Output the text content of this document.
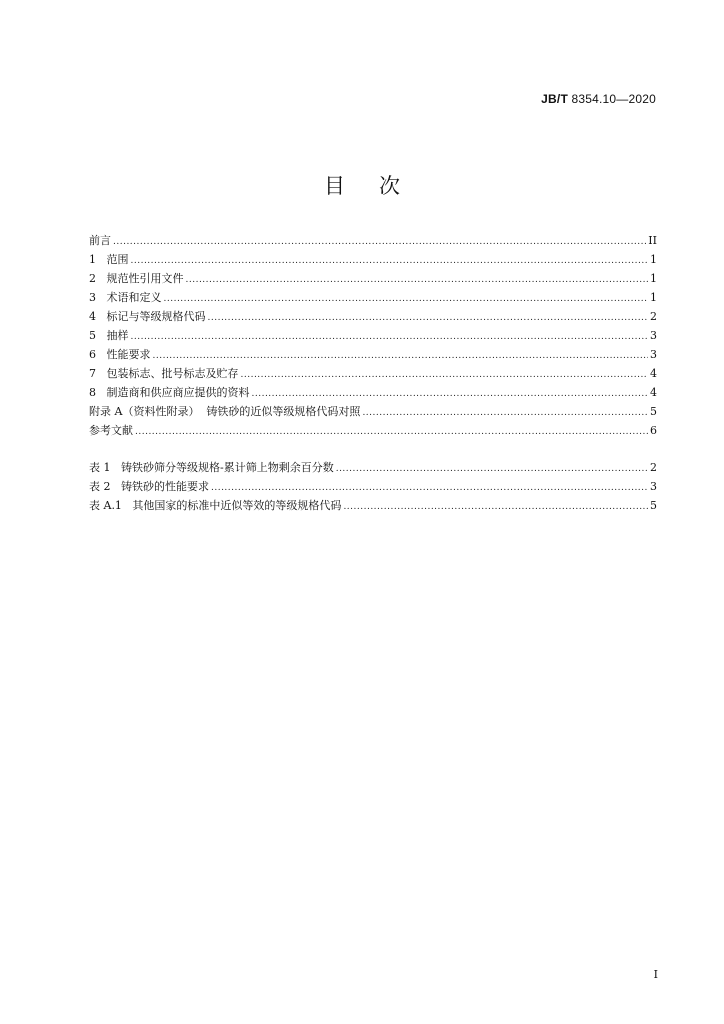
JB/T 8354.10—2020
目次
前言 .....	II
1   范围 .....	1
2   规范性引用文件 .....	1
3   术语和定义 .....	1
4   标记与等级规格代码 .....	2
5   抽样 .....	3
6   性能要求 .....	3
7   包装标志、批号标志及贮存 .....	4
8   制造商和供应商应提供的资料 .....	4
附录 A（资料性附录）  铸铁砂的近似等级规格代码对照 .....	5
参考文献 .....	6
表 1   铸铁砂筛分等级规格-累计筛上物剩余百分数 .....	2
表 2   铸铁砂的性能要求 .....	3
表 A.1   其他国家的标准中近似等效的等级规格代码 .....	5
I
